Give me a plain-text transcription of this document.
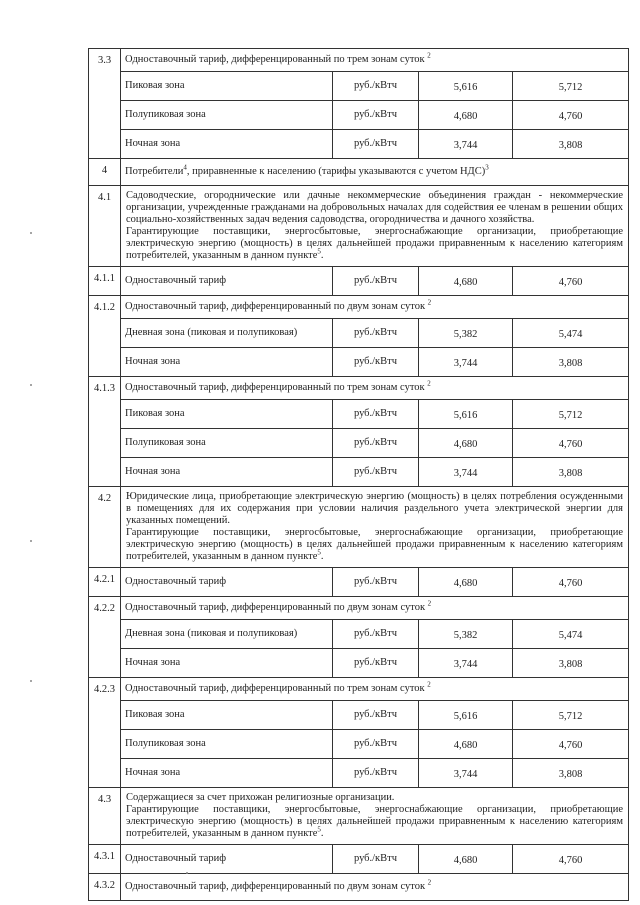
3.3	Одноставочный тариф, дифференцированный по трем зонам суток $^2$
	Пиковая зона	руб./кВтч	5,616	5,712
	Полупиковая зона	руб./кВтч	4,680	4,760
	Ночная зона	руб./кВтч	3,744	3,808
4	Потребители$^4$, приравненные к населению (тарифы указываются с учетом НДС)$^3$
4.1	Садоводческие, огороднические или дачные некоммерческие объединения граждан - некоммерческие организации, учрежденные гражданами на добровольных началах для содействия ее членам в решении общих социально-хозяйственных задач ведения садоводства, огородничества и дачного хозяйства.
Гарантирующие поставщики, энергосбытовые, энергоснабжающие организации, приобретающие электрическую энергию (мощность) в целях дальнейшей продажи приравненным к населению категориям потребителей, указанным в данном пункте$^5$.			
4.1.1	Одноставочный тариф	руб./кВтч	4,680	4,760
4.1.2	Одноставочный тариф, дифференцированный по двум зонам суток $^2$
	Дневная зона (пиковая и полупиковая)	руб./кВтч	5,382	5,474
	Ночная зона	руб./кВтч	3,744	3,808
4.1.3	Одноставочный тариф, дифференцированный по трем зонам суток $^2$
	Пиковая зона	руб./кВтч	5,616	5,712
	Полупиковая зона	руб./кВтч	4,680	4,760
	Ночная зона	руб./кВтч	3,744	3,808
4.2	Юридические лица, приобретающие электрическую энергию (мощность) в целях потребления осужденными в помещениях для их содержания при условии наличия раздельного учета электрической энергии для указанных помещений.
Гарантирующие поставщики, энергосбытовые, энергоснабжающие организации, приобретающие электрическую энергию (мощность) в целях дальнейшей продажи приравненным к населению категориям потребителей, указанным в данном пункте$^5$.			
4.2.1	Одноставочный тариф	руб./кВтч	4,680	4,760
4.2.2	Одноставочный тариф, дифференцированный по двум зонам суток $^2$
	Дневная зона (пиковая и полупиковая)	руб./кВтч	5,382	5,474
	Ночная зона	руб./кВтч	3,744	3,808
4.2.3	Одноставочный тариф, дифференцированный по трем зонам суток $^2$
	Пиковая зона	руб./кВтч	5,616	5,712
	Полупиковая зона	руб./кВтч	4,680	4,760
	Ночная зона	руб./кВтч	3,744	3,808
4.3	Содержащиеся за счет прихожан религиозные организации.
Гарантирующие поставщики, энергосбытовые, энергоснабжающие организации, приобретающие электрическую энергию (мощность) в целях дальнейшей продажи приравненным к населению категориям потребителей, указанным в данном пункте$^5$.			
4.3.1	Одноставочный тариф	руб./кВтч	4,680	4,760
4.3.2	Одноставочный тариф, дифференцированный по двум зонам суток $^2$
